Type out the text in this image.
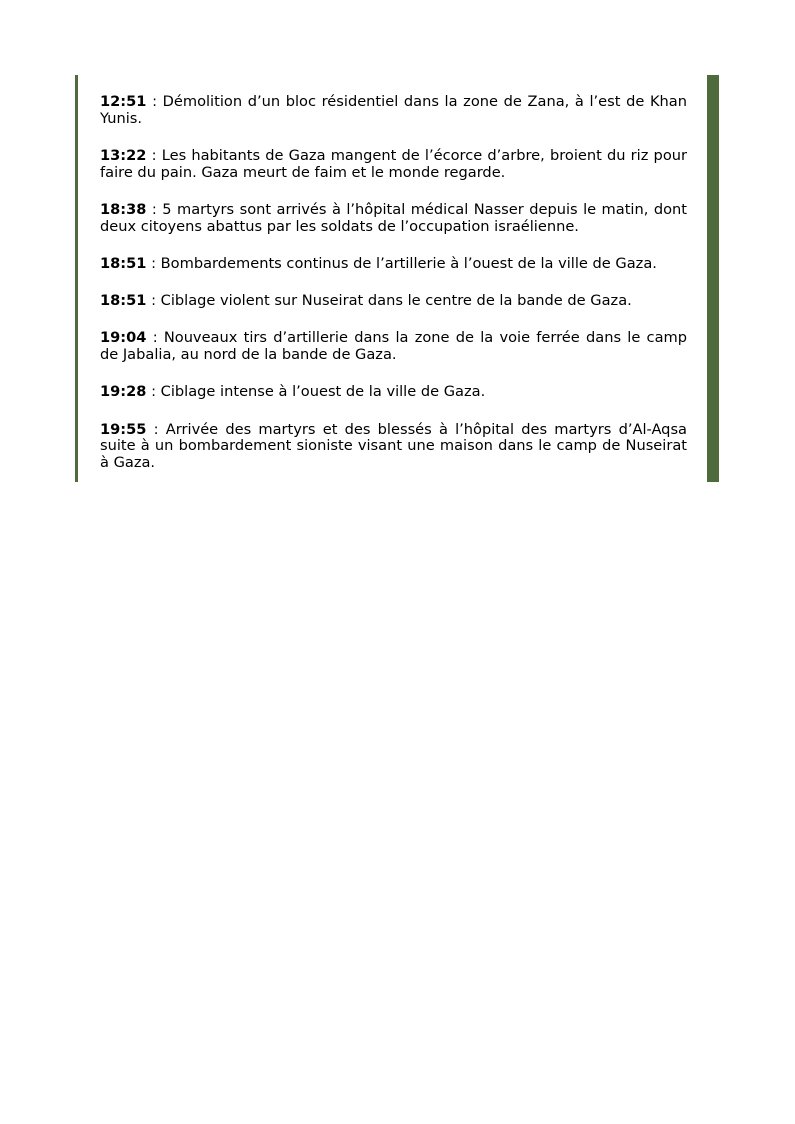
12:51 : Démolition d’un bloc résidentiel dans la zone de Zana, à l’est de Khan Yunis.
13:22 : Les habitants de Gaza mangent de l’écorce d’arbre, broient du riz pour faire du pain. Gaza meurt de faim et le monde regarde.
18:38 : 5 martyrs sont arrivés à l’hôpital médical Nasser depuis le matin, dont deux citoyens abattus par les soldats de l’occupation israélienne.
18:51 : Bombardements continus de l’artillerie à l’ouest de la ville de Gaza.
18:51 : Ciblage violent sur Nuseirat dans le centre de la bande de Gaza.
19:04 : Nouveaux tirs d’artillerie dans la zone de la voie ferrée dans le camp de Jabalia, au nord de la bande de Gaza.
19:28 : Ciblage intense à l’ouest de la ville de Gaza.
19:55 : Arrivée des martyrs et des blessés à l’hôpital des martyrs d’Al-Aqsa suite à un bombardement sioniste visant une maison dans le camp de Nuseirat à Gaza.
